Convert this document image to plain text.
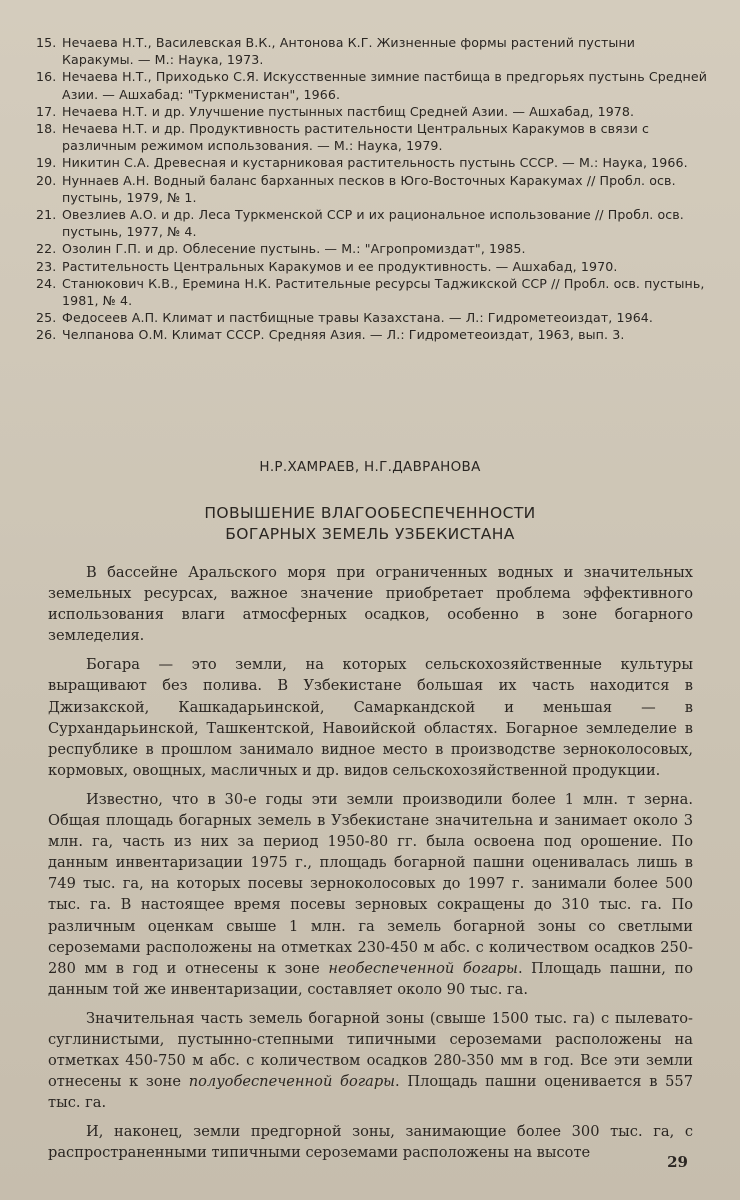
15. Нечаева Н.Т., Василевская В.К., Антонова К.Г. Жизненные формы растений пустыни Каракумы. — М.: Наука, 1973.
16. Нечаева Н.Т., Приходько С.Я. Искусственные зимние пастбища в предгорьях пустынь Средней Азии. — Ашхабад: "Туркменистан", 1966.
17. Нечаева Н.Т. и др. Улучшение пустынных пастбищ Средней Азии. — Ашхабад, 1978.
18. Нечаева Н.Т. и др. Продуктивность растительности Центральных Каракумов в связи с различным режимом использования. — М.: Наука, 1979.
19. Никитин С.А. Древесная и кустарниковая растительность пустынь СССР. — М.: Наука, 1966.
20. Нуннаев А.Н. Водный баланс барханных песков в Юго-Восточных Каракумах // Пробл. осв. пустынь, 1979, № 1.
21. Овезлиев А.О. и др. Леса Туркменской ССР и их рациональное использование // Пробл. осв. пустынь, 1977, № 4.
22. Озолин Г.П. и др. Облесение пустынь. — М.: "Агропромиздат", 1985.
23. Растительность Центральных Каракумов и ее продуктивность. — Ашхабад, 1970.
24. Станюкович К.В., Еремина Н.К. Растительные ресурсы Таджикской ССР // Пробл. осв. пустынь, 1981, № 4.
25. Федосеев А.П. Климат и пастбищные травы Казахстана. — Л.: Гидрометеоиздат, 1964.
26. Челпанова О.М. Климат СССР. Средняя Азия. — Л.: Гидрометеоиздат, 1963, вып. 3.
Н.Р.ХАМРАЕВ, Н.Г.ДАВРАНОВА
ПОВЫШЕНИЕ ВЛАГООБЕСПЕЧЕННОСТИ
БОГАРНЫХ ЗЕМЕЛЬ УЗБЕКИСТАНА

В бассейне Аральского моря при ограниченных водных и значительных земельных ресурсах, важное значение приобретает проблема эффективного использования влаги атмосферных осадков, особенно в зоне богарного земледелия.

Богара — это земли, на которых сельскохозяйственные культуры выращивают без полива. В Узбекистане большая их часть находится в Джизакской, Кашкадарьинской, Самаркандской и меньшая — в Сурхандарьинской, Ташкентской, Навоийской областях. Богарное земледелие в республике в прошлом занимало видное место в производстве зерноколосовых, кормовых, овощных, масличных и др. видов сельскохозяйственной продукции.

Известно, что в 30-е годы эти земли производили более 1 млн. т зерна. Общая площадь богарных земель в Узбекистане значительна и занимает около 3 млн. га, часть из них за период 1950-80 гг. была освоена под орошение. По данным инвентаризации 1975 г., площадь богарной пашни оценивалась лишь в 749 тыс. га, на которых посевы зерноколосовых до 1997 г. занимали более 500 тыс. га. В настоящее время посевы зерновых сокращены до 310 тыс. га. По различным оценкам свыше 1 млн. га земель богарной зоны со светлыми сероземами расположены на отметках 230-450 м абс. с количеством осадков 250-280 мм в год и отнесены к зоне необеспеченной богары. Площадь пашни, по данным той же инвентаризации, составляет около 90 тыс. га.

Значительная часть земель богарной зоны (свыше 1500 тыс. га) с пылевато-суглинистыми, пустынно-степными типичными сероземами расположены на отметках 450-750 м абс. с количеством осадков 280-350 мм в год. Все эти земли отнесены к зоне полуобеспеченной богары. Площадь пашни оценивается в 557 тыс. га.

И, наконец, земли предгорной зоны, занимающие более 300 тыс. га, с распространенными типичными сероземами расположены на высоте

29
